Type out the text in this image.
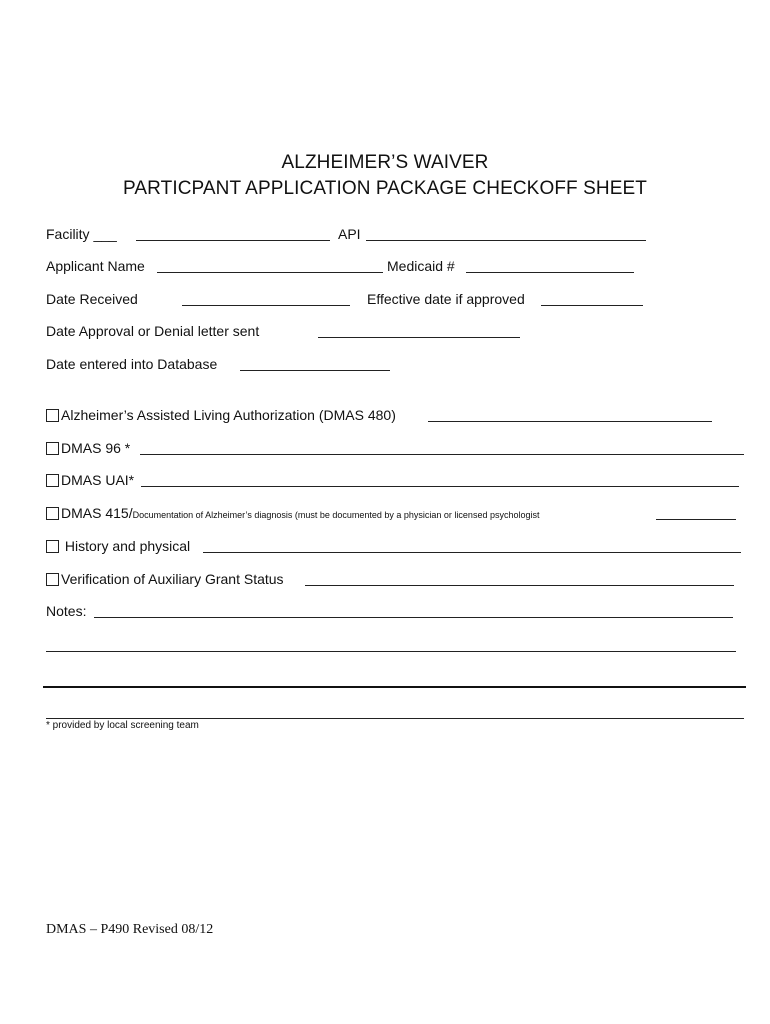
ALZHEIMER’S WAIVER
PARTICPANT APPLICATION PACKAGE CHECKOFF SHEET
Facility ___	API
Applicant Name	Medicaid #
Date Received	Effective date if approved
Date Approval or Denial letter sent
Date entered into Database
Alzheimer’s Assisted Living Authorization (DMAS 480)
DMAS 96 *
DMAS UAI*
DMAS 415/Documentation of Alzheimer’s diagnosis (must be documented by a physician or licensed psychologist
History and physical
Verification of Auxiliary Grant Status
Notes:
* provided by local screening team
DMAS – P490 Revised 08/12
